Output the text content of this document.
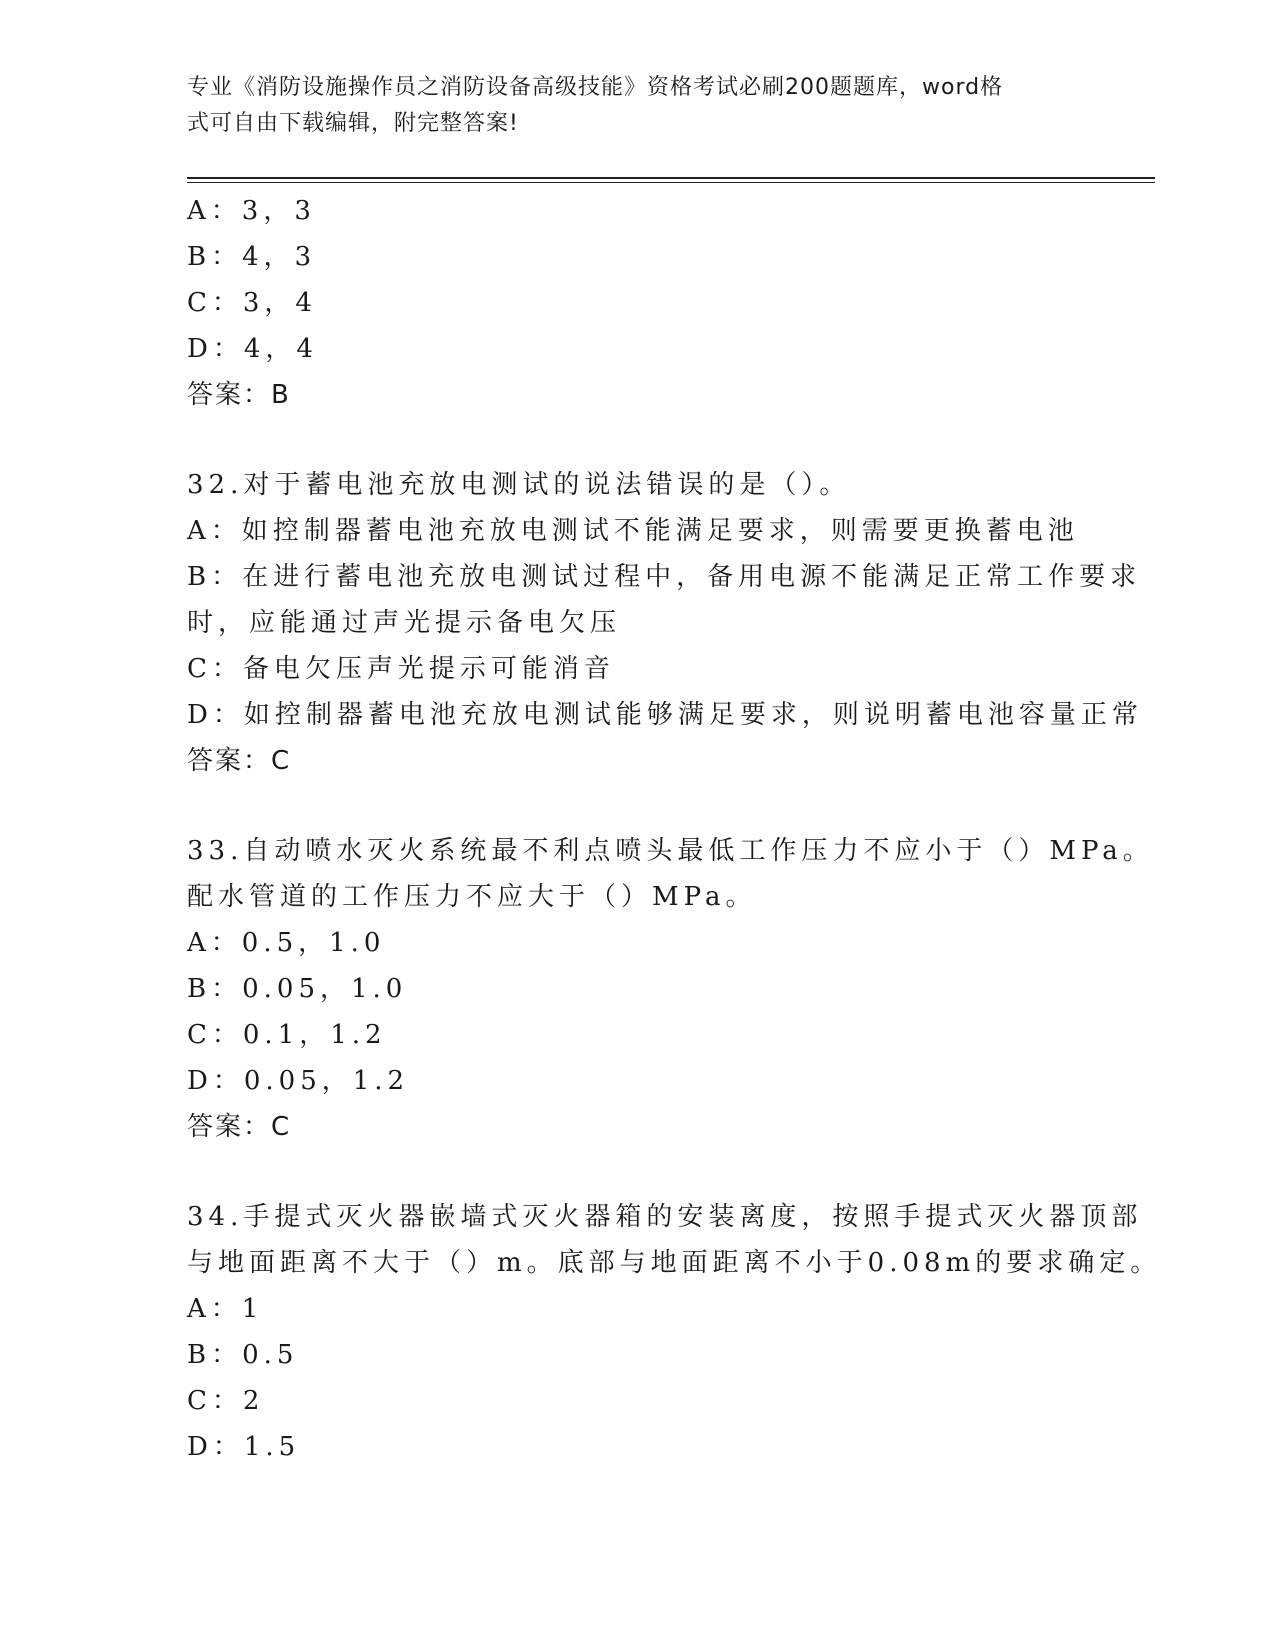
专业《消防设施操作员之消防设备高级技能》资格考试必刷200题题库，word格
式可自由下载编辑，附完整答案!
A：3，3
B：4，3
C：3，4
D：4，4
答案：B
32.对于蓄电池充放电测试的说法错误的是（）。
A：如控制器蓄电池充放电测试不能满足要求，则需要更换蓄电池
B：在进行蓄电池充放电测试过程中，备用电源不能满足正常工作要求
时，应能通过声光提示备电欠压
C：备电欠压声光提示可能消音
D：如控制器蓄电池充放电测试能够满足要求，则说明蓄电池容量正常
答案：C
33.自动喷水灭火系统最不利点喷头最低工作压力不应小于（）MPa。
配水管道的工作压力不应大于（）MPa。
A：0.5，1.0
B：0.05，1.0
C：0.1，1.2
D：0.05，1.2
答案：C
34.手提式灭火器嵌墙式灭火器箱的安装离度，按照手提式灭火器顶部
与地面距离不大于（）m。底部与地面距离不小于0.08m的要求确定。
A：1
B：0.5
C：2
D：1.5
